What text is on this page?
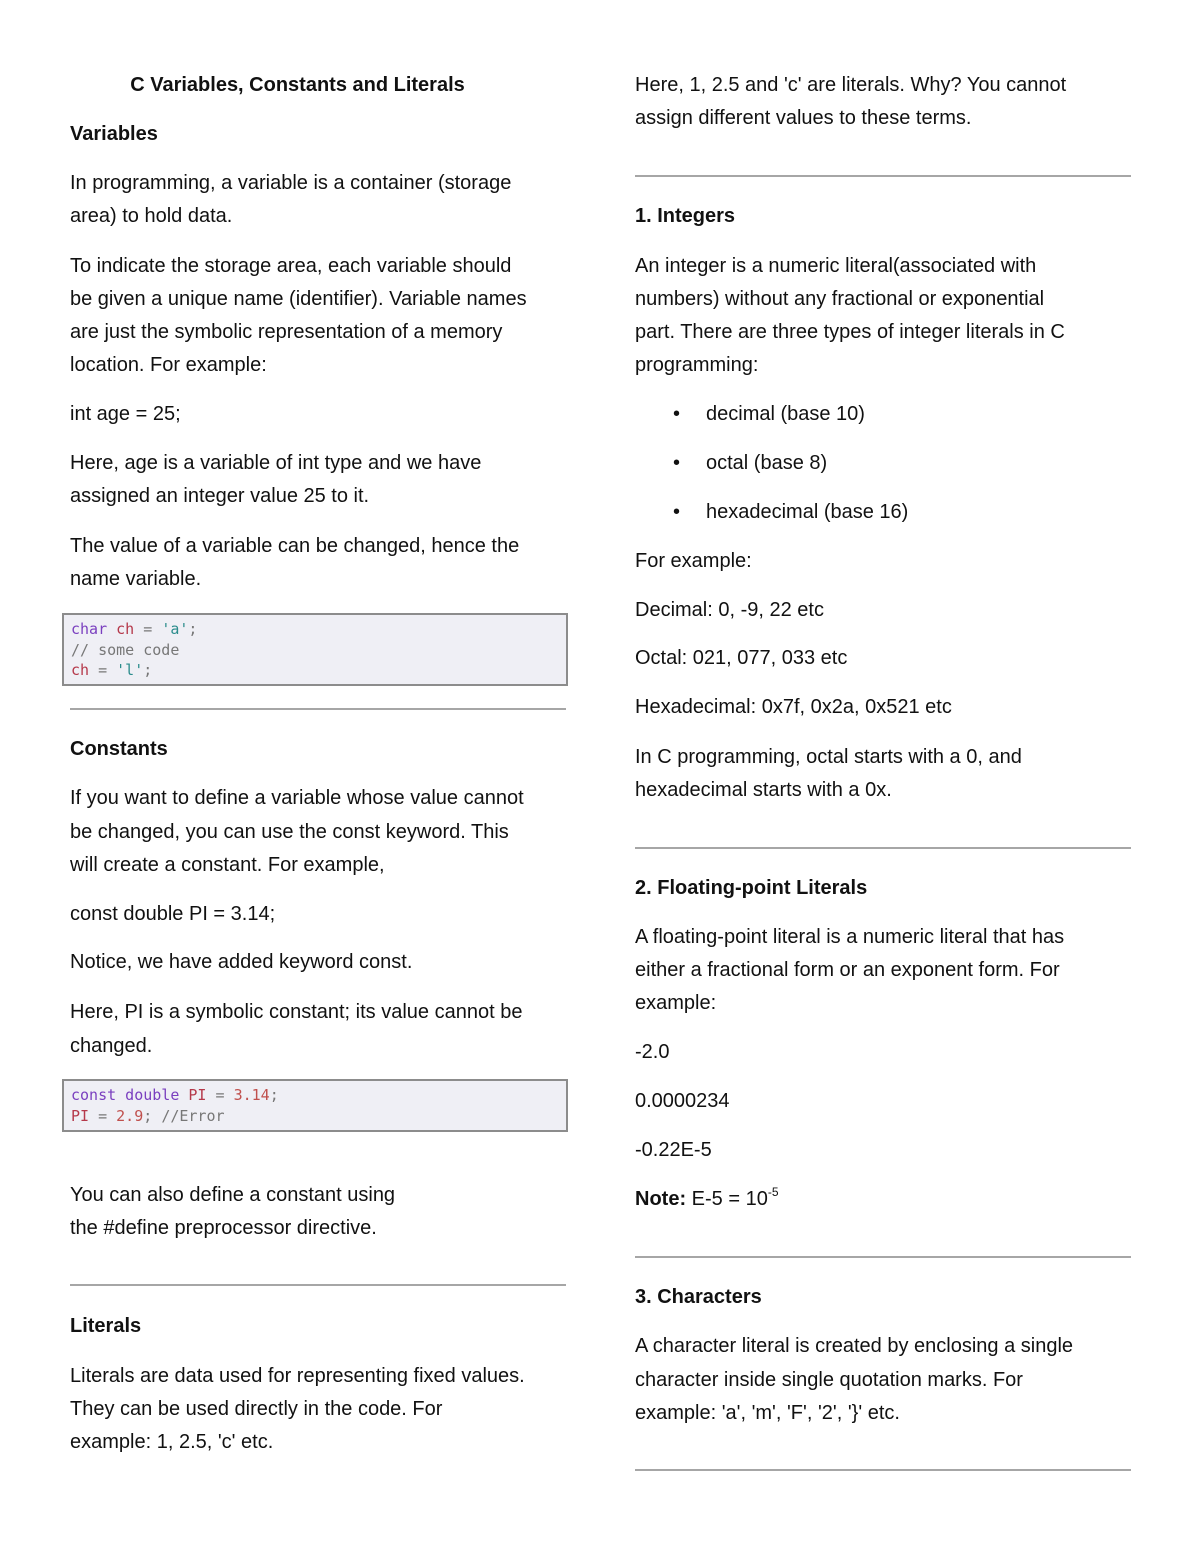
C Variables, Constants and Literals

Variables

In programming, a variable is a container (storage

area) to hold data.

To indicate the storage area, each variable should

be given a unique name (identifier). Variable names

are just the symbolic representation of a memory

location. For example:

int age = 25;

Here, age is a variable of int type and we have

assigned an integer value 25 to it.

The value of a variable can be changed, hence the

name variable.

char ch = 'a';
// some code
ch = 'l';

Constants

If you want to define a variable whose value cannot

be changed, you can use the const keyword. This

will create a constant. For example,

const double PI = 3.14;

Notice, we have added keyword const.

Here, PI is a symbolic constant; its value cannot be

changed.

const double PI = 3.14;
PI = 2.9; //Error

You can also define a constant using

the #define preprocessor directive.

Literals

Literals are data used for representing fixed values.

They can be used directly in the code. For

example: 1, 2.5, 'c' etc.

Here, 1, 2.5 and 'c' are literals. Why? You cannot

assign different values to these terms.

1. Integers

An integer is a numeric literal(associated with

numbers) without any fractional or exponential

part. There are three types of integer literals in C

programming:

• decimal (base 10)

• octal (base 8)

• hexadecimal (base 16)

For example:

Decimal: 0, -9, 22 etc

Octal: 021, 077, 033 etc

Hexadecimal: 0x7f, 0x2a, 0x521 etc

In C programming, octal starts with a 0, and

hexadecimal starts with a 0x.

2. Floating-point Literals

A floating-point literal is a numeric literal that has

either a fractional form or an exponent form. For

example:

-2.0

0.0000234

-0.22E-5

Note: $E-5 = 10^{-5}$

3. Characters

A character literal is created by enclosing a single

character inside single quotation marks. For

example: 'a', 'm', 'F', '2', '}' etc.
